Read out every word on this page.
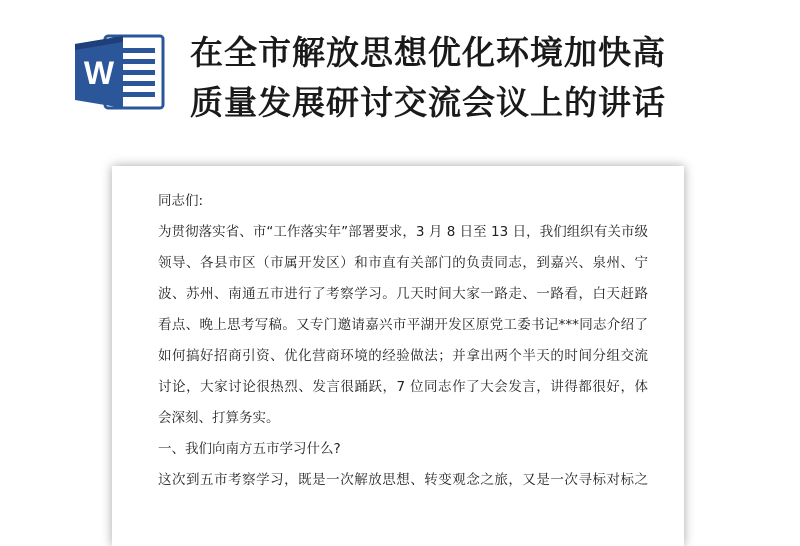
W
在全市解放思想优化环境加快高
质量发展研讨交流会议上的讲话

同志们:

为贯彻落实省、市“工作落实年”部署要求，3 月 8 日至 13 日，我们组织有关市级

领导、各县市区（市属开发区）和市直有关部门的负责同志，到嘉兴、泉州、宁

波、苏州、南通五市进行了考察学习。几天时间大家一路走、一路看，白天赶路

看点、晚上思考写稿。又专门邀请嘉兴市平湖开发区原党工委书记***同志介绍了

如何搞好招商引资、优化营商环境的经验做法；并拿出两个半天的时间分组交流

讨论，大家讨论很热烈、发言很踊跃，7 位同志作了大会发言，讲得都很好，体

会深刻、打算务实。

一、我们向南方五市学习什么?

这次到五市考察学习，既是一次解放思想、转变观念之旅，又是一次寻标对标之
